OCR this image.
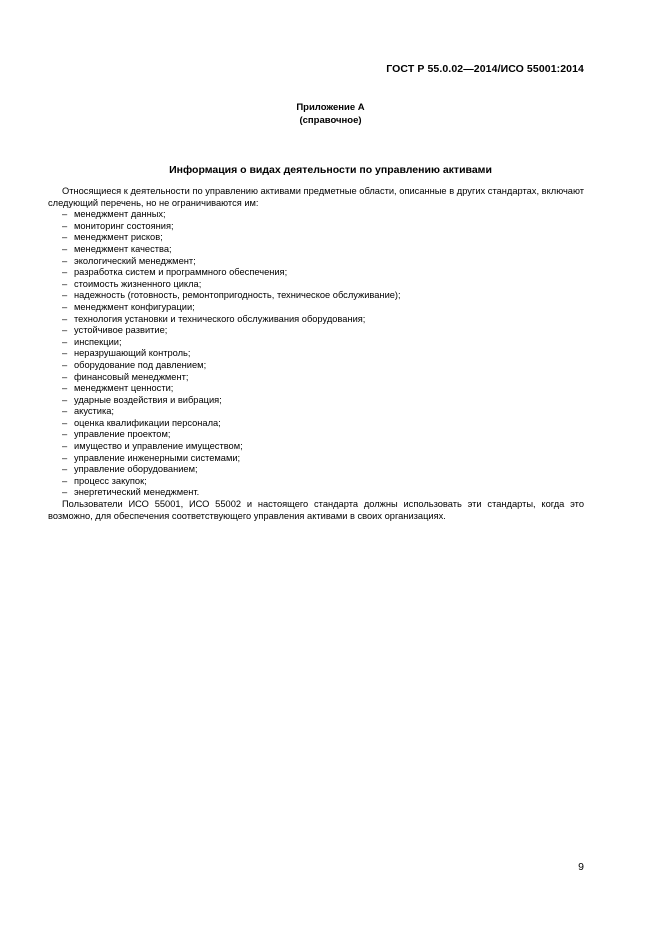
ГОСТ Р 55.0.02—2014/ИСО 55001:2014
Приложение А
(справочное)
Информация о видах деятельности по управлению активами

Относящиеся к деятельности по управлению активами предметные области, описанные в других стандартах, включают следующий перечень, но не ограничиваются им:

– менеджмент данных;
– мониторинг состояния;
– менеджмент рисков;
– менеджмент качества;
– экологический менеджмент;
– разработка систем и программного обеспечения;
– стоимость жизненного цикла;
– надежность (готовность, ремонтопригодность, техническое обслуживание);
– менеджмент конфигурации;
– технология установки и технического обслуживания оборудования;
– устойчивое развитие;
– инспекции;
– неразрушающий контроль;
– оборудование под давлением;
– финансовый менеджмент;
– менеджмент ценности;
– ударные воздействия и вибрация;
– акустика;
– оценка квалификации персонала;
– управление проектом;
– имущество и управление имуществом;
– управление инженерными системами;
– управление оборудованием;
– процесс закупок;
– энергетический менеджмент.

Пользователи ИСО 55001, ИСО 55002 и настоящего стандарта должны использовать эти стандарты, когда это возможно, для обеспечения соответствующего управления активами в своих организациях.

9
